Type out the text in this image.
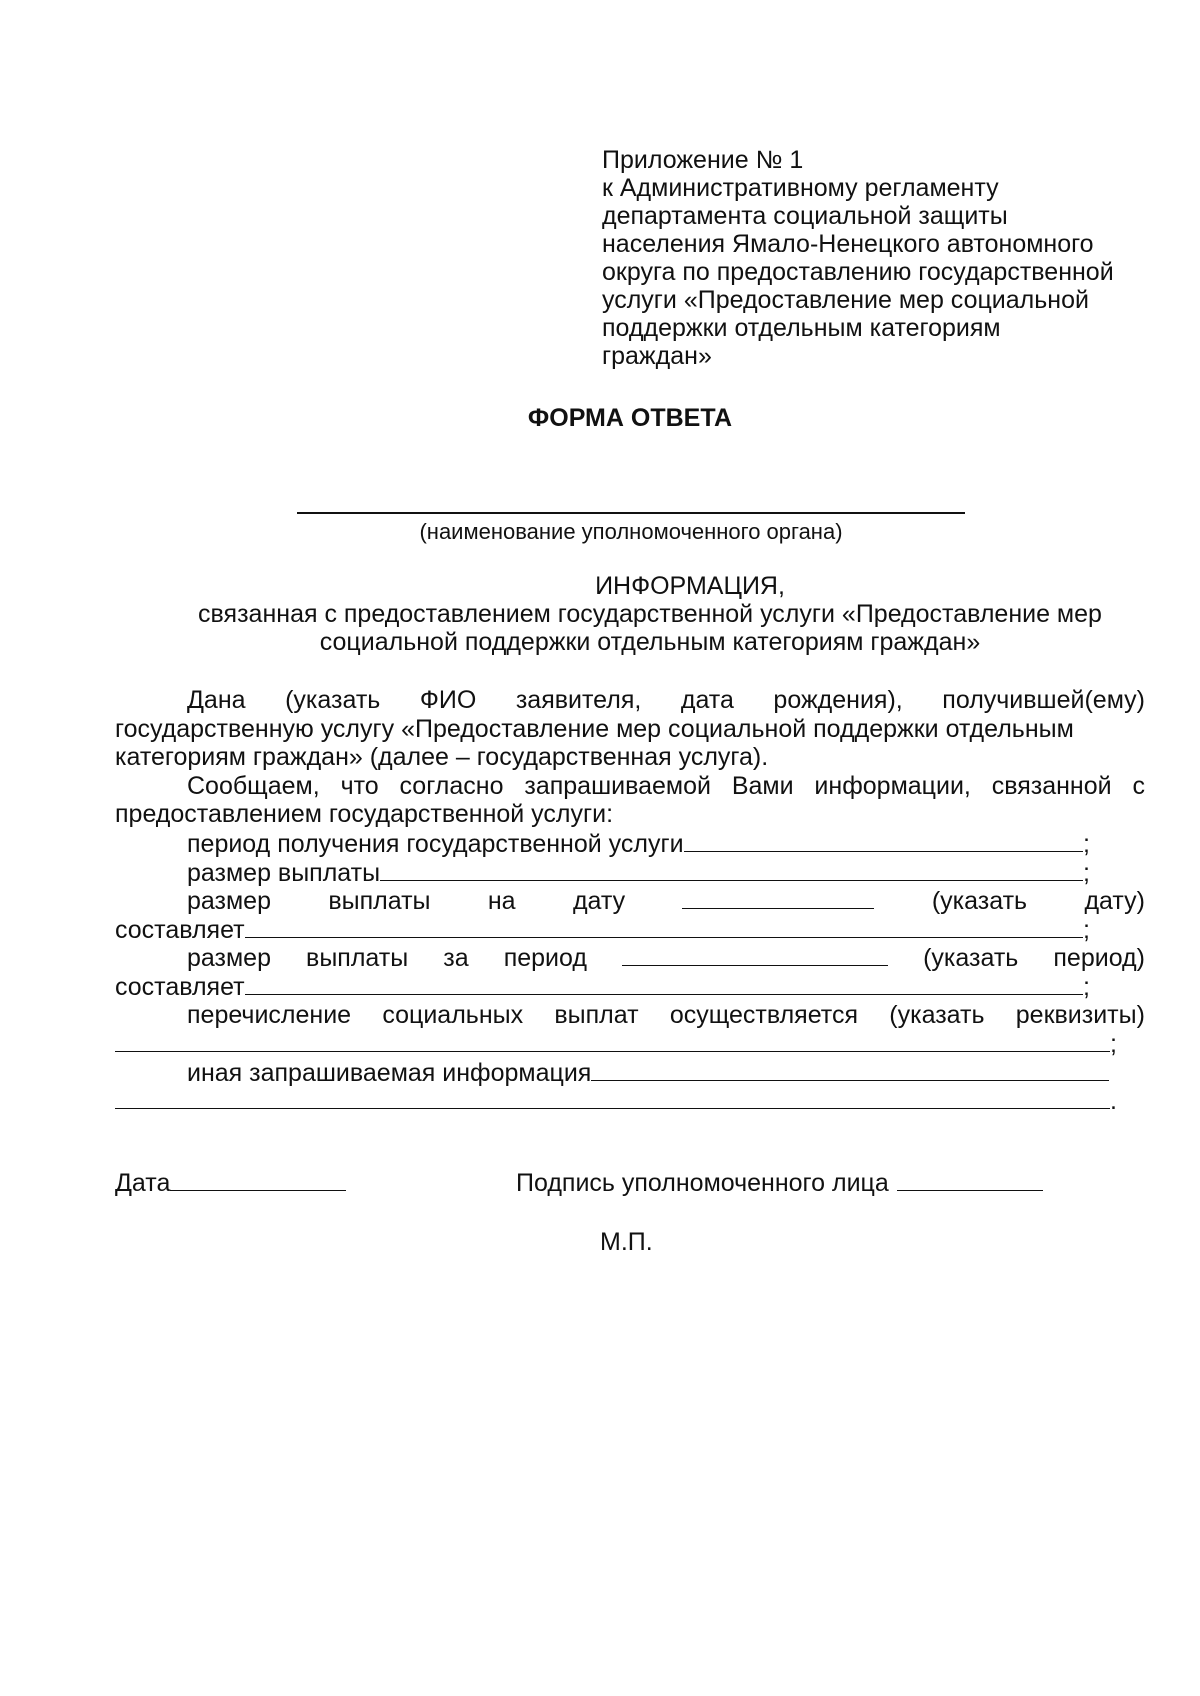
Приложение № 1
к Административному регламенту
департамента социальной защиты
населения Ямало-Ненецкого автономного
округа по предоставлению государственной
услуги «Предоставление мер социальной
поддержки отдельным категориям
граждан»
ФОРМА ОТВЕТА
(наименование уполномоченного органа)
ИНФОРМАЦИЯ,
связанная с предоставлением государственной услуги «Предоставление мер
социальной поддержки отдельным категориям граждан»
Дана (указать ФИО заявителя, дата рождения), получившей(ему)
государственную услугу «Предоставление мер социальной поддержки отдельным
категориям граждан» (далее – государственная услуга).
Сообщаем, что согласно запрашиваемой Вами информации, связанной с
предоставлением государственной услуги:
период получения государственной услуги	;
размер выплаты	;
размер выплаты на дату	(указать дату)
составляет	;
размер выплаты за период	(указать период)
составляет	;
перечисление социальных выплат осуществляется (указать реквизиты)
;
иная запрашиваемая информация
.
Дата	Подпись уполномоченного лица
М.П.
